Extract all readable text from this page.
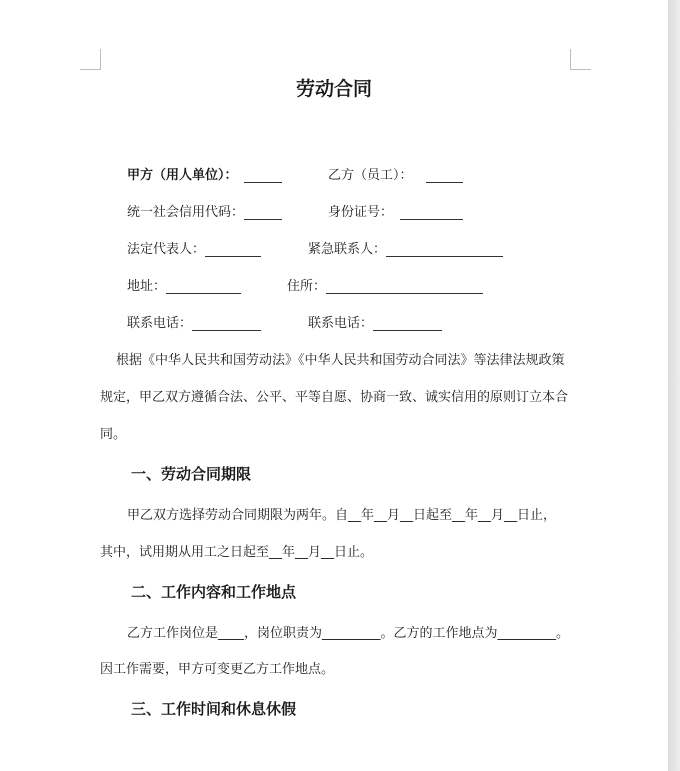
劳动合同
甲方（用人单位）：	乙方（员工）：
统一社会信用代码：	身份证号：
法定代表人：	紧急联系人：
地址：	住所：
联系电话：	联系电话：
根据《中华人民共和国劳动法》《中华人民共和国劳动合同法》等法律法规政策
规定，甲乙双方遵循合法、公平、平等自愿、协商一致、诚实信用的原则订立本合
同。
一、劳动合同期限
甲乙双方选择劳动合同期限为两年。自__年__月__日起至__年__月__日止，
其中，试用期从用工之日起至__年__月__日止。
二、工作内容和工作地点
乙方工作岗位是____，岗位职责为_________。乙方的工作地点为_________。
因工作需要，甲方可变更乙方工作地点。
三、工作时间和休息休假
